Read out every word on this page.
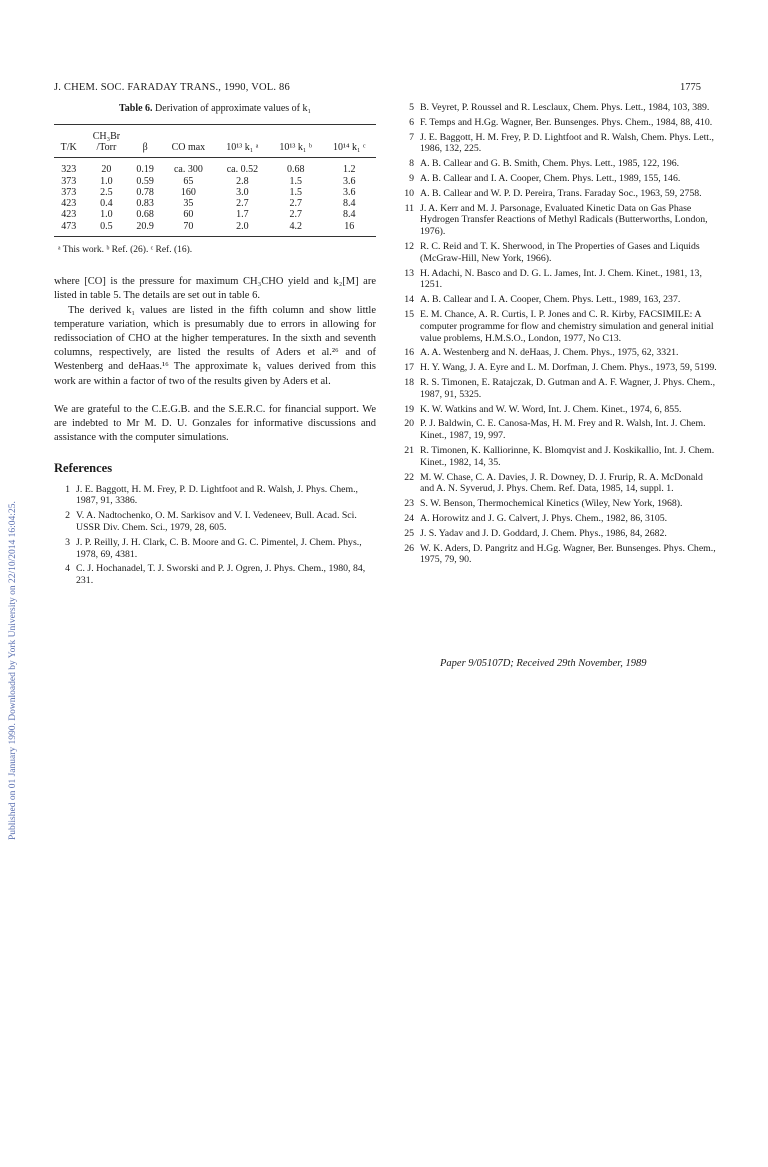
Published on 01 January 1990. Downloaded by York University on 22/10/2014 16:04:25.
J. CHEM. SOC. FARADAY TRANS., 1990, VOL. 86	1775
Table 6. Derivation of approximate values of k₁
	CH₃Br					
T/K	/Torr	β	CO max	10¹³ k₁ ᵃ	10¹³ k₁ ᵇ	10¹⁴ k₁ ᶜ
323	20	0.19	ca. 300	ca. 0.52	0.68	1.2
373	1.0	0.59	65	2.8	1.5	3.6
373	2.5	0.78	160	3.0	1.5	3.6
423	0.4	0.83	35	2.7	2.7	8.4
423	1.0	0.68	60	1.7	2.7	8.4
473	0.5	20.9	70	2.0	4.2	16
ᵃ This work. ᵇ Ref. (26). ᶜ Ref. (16).

where [CO] is the pressure for maximum CH₃CHO yield and k₂[M] are listed in table 5. The details are set out in table 6.

The derived k₁ values are listed in the fifth column and show little temperature variation, which is presumably due to errors in allowing for redissociation of CHO at the higher temperatures. In the sixth and seventh columns, respectively, are listed the results of Aders et al.²⁶ and of Westenberg and deHaas.¹⁶ The approximate k₁ values derived from this work are within a factor of two of the results given by Aders et al.

We are grateful to the C.E.G.B. and the S.E.R.C. for financial support. We are indebted to Mr M. D. U. Gonzales for informative discussions and assistance with the computer simulations.

References
1 J. E. Baggott, H. M. Frey, P. D. Lightfoot and R. Walsh, J. Phys. Chem., 1987, 91, 3386.
2 V. A. Nadtochenko, O. M. Sarkisov and V. I. Vedeneev, Bull. Acad. Sci. USSR Div. Chem. Sci., 1979, 28, 605.
3 J. P. Reilly, J. H. Clark, C. B. Moore and G. C. Pimentel, J. Chem. Phys., 1978, 69, 4381.
4 C. J. Hochanadel, T. J. Sworski and P. J. Ogren, J. Phys. Chem., 1980, 84, 231.
5 B. Veyret, P. Roussel and R. Lesclaux, Chem. Phys. Lett., 1984, 103, 389.
6 F. Temps and H.Gg. Wagner, Ber. Bunsenges. Phys. Chem., 1984, 88, 410.
7 J. E. Baggott, H. M. Frey, P. D. Lightfoot and R. Walsh, Chem. Phys. Lett., 1986, 132, 225.
8 A. B. Callear and G. B. Smith, Chem. Phys. Lett., 1985, 122, 196.
9 A. B. Callear and I. A. Cooper, Chem. Phys. Lett., 1989, 155, 146.
10 A. B. Callear and W. P. D. Pereira, Trans. Faraday Soc., 1963, 59, 2758.
11 J. A. Kerr and M. J. Parsonage, Evaluated Kinetic Data on Gas Phase Hydrogen Transfer Reactions of Methyl Radicals (Butterworths, London, 1976).
12 R. C. Reid and T. K. Sherwood, in The Properties of Gases and Liquids (McGraw-Hill, New York, 1966).
13 H. Adachi, N. Basco and D. G. L. James, Int. J. Chem. Kinet., 1981, 13, 1251.
14 A. B. Callear and I. A. Cooper, Chem. Phys. Lett., 1989, 163, 237.
15 E. M. Chance, A. R. Curtis, I. P. Jones and C. R. Kirby, FACSIMILE: A computer programme for flow and chemistry simulation and general initial value problems, H.M.S.O., London, 1977, No C13.
16 A. A. Westenberg and N. deHaas, J. Chem. Phys., 1975, 62, 3321.
17 H. Y. Wang, J. A. Eyre and L. M. Dorfman, J. Chem. Phys., 1973, 59, 5199.
18 R. S. Timonen, E. Ratajczak, D. Gutman and A. F. Wagner, J. Phys. Chem., 1987, 91, 5325.
19 K. W. Watkins and W. W. Word, Int. J. Chem. Kinet., 1974, 6, 855.
20 P. J. Baldwin, C. E. Canosa-Mas, H. M. Frey and R. Walsh, Int. J. Chem. Kinet., 1987, 19, 997.
21 R. Timonen, K. Kalliorinne, K. Blomqvist and J. Koskikallio, Int. J. Chem. Kinet., 1982, 14, 35.
22 M. W. Chase, C. A. Davies, J. R. Downey, D. J. Frurip, R. A. McDonald and A. N. Syverud, J. Phys. Chem. Ref. Data, 1985, 14, suppl. 1.
23 S. W. Benson, Thermochemical Kinetics (Wiley, New York, 1968).
24 A. Horowitz and J. G. Calvert, J. Phys. Chem., 1982, 86, 3105.
25 J. S. Yadav and J. D. Goddard, J. Chem. Phys., 1986, 84, 2682.
26 W. K. Aders, D. Pangritz and H.Gg. Wagner, Ber. Bunsenges. Phys. Chem., 1975, 79, 90.
Paper 9/05107D; Received 29th November, 1989
